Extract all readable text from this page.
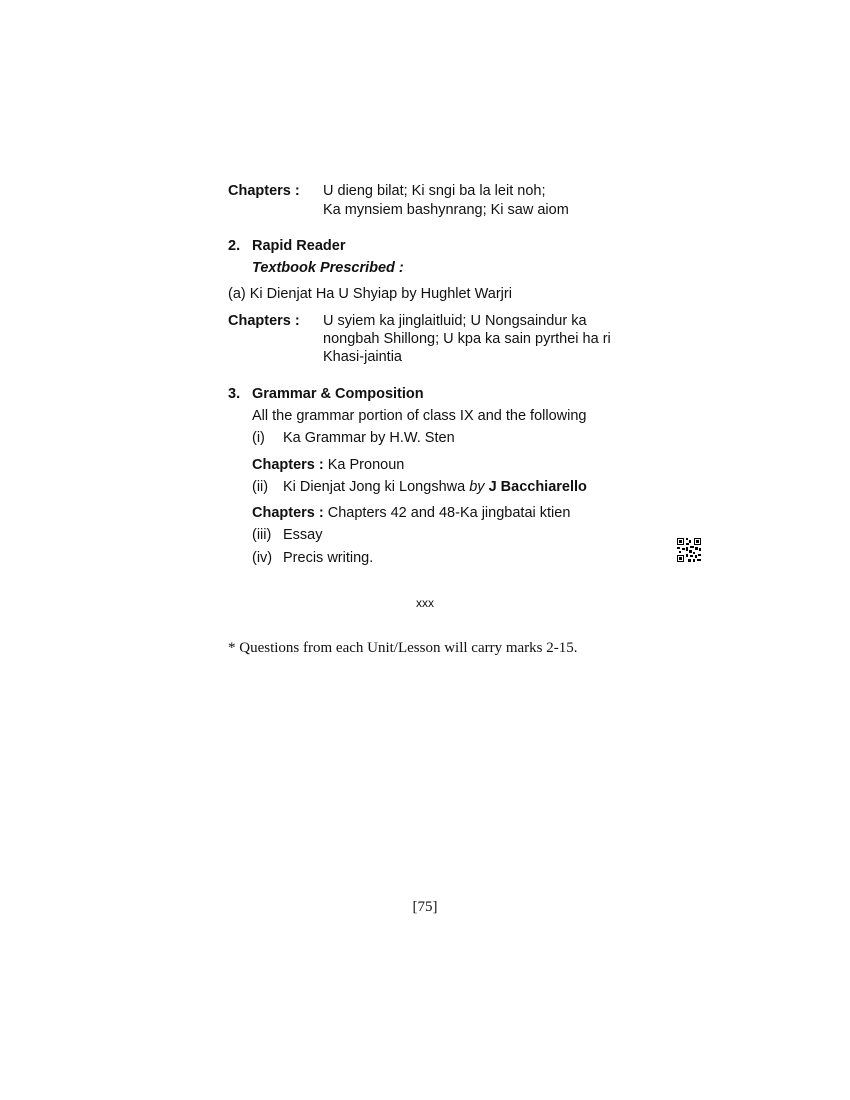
Chapters : U dieng bilat; Ki sngi ba la leit noh;
Ka mynsiem bashynrang; Ki saw aiom
2. Rapid Reader
Textbook Prescribed :
(a) Ki Dienjat Ha U Shyiap by Hughlet Warjri
Chapters : U syiem ka jinglaitluid; U Nongsaindur ka
nongbah Shillong; U kpa ka sain pyrthei ha ri
Khasi-jaintia
3. Grammar & Composition
All the grammar portion of class IX and the following
(i) Ka Grammar by H.W. Sten
Chapters : Ka Pronoun
(ii) Ki Dienjat Jong ki Longshwa by J Bacchiarello
Chapters : Chapters 42 and 48-Ka jingbatai ktien
(iii) Essay
(iv) Precis writing.
xxx
* Questions from each Unit/Lesson will carry marks 2-15.
[75]
